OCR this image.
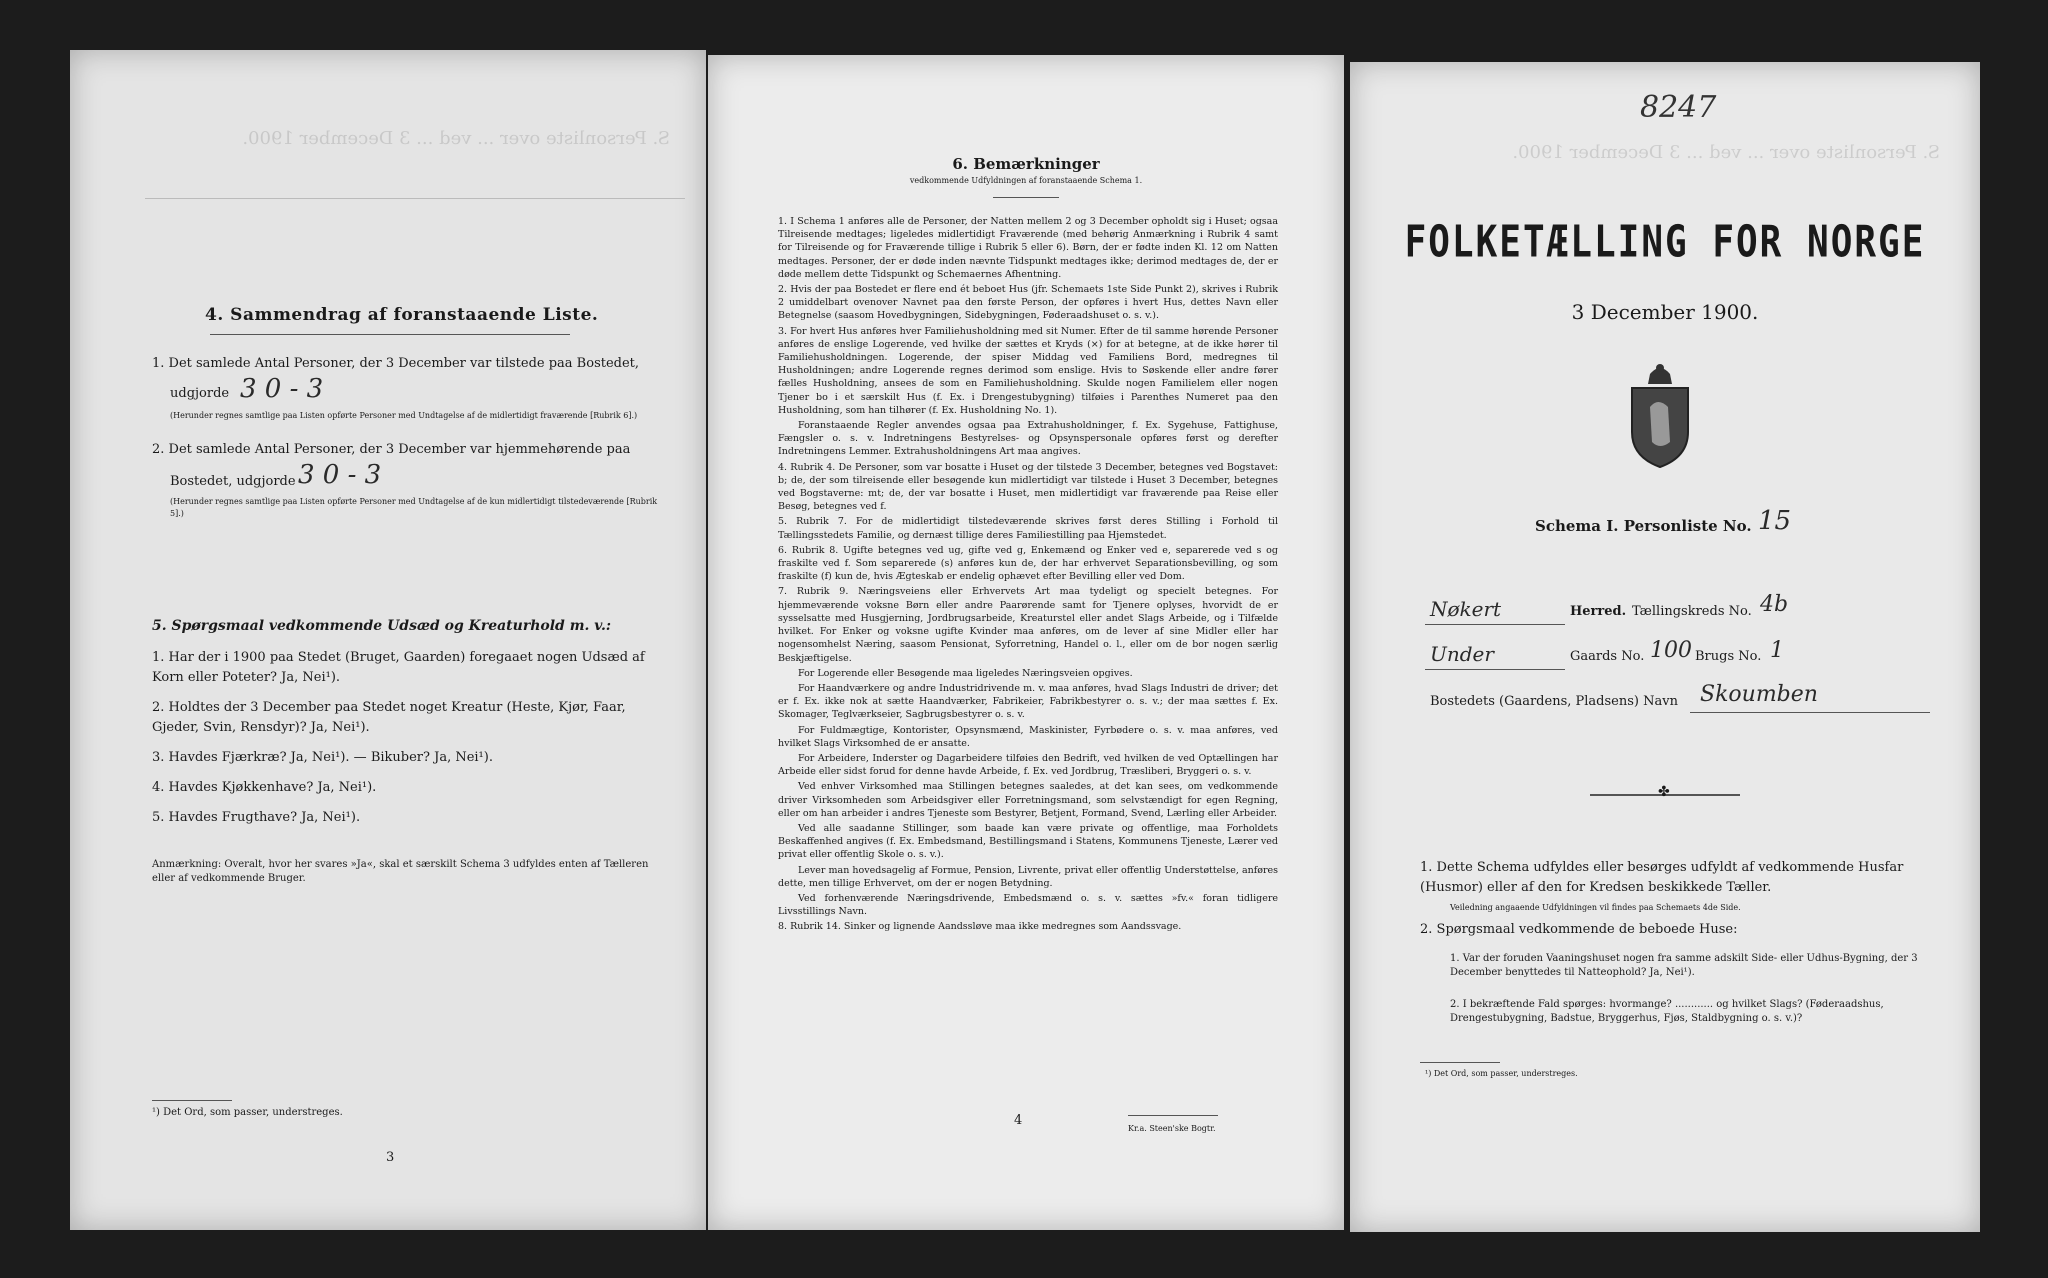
S. Personliste over ... ved ... 3 December 1900.
4. Sammendrag af foranstaaende Liste.
1. Det samlede Antal Personer, der 3 December var tilstede paa Bostedet,
udgjorde 3 0 - 3
(Herunder regnes samtlige paa Listen opførte Personer med Undtagelse af de midlertidigt fraværende [Rubrik 6].)
2. Det samlede Antal Personer, der 3 December var hjemmehørende paa
Bostedet, udgjorde 3 0 - 3
(Herunder regnes samtlige paa Listen opførte Personer med Undtagelse af de kun midlertidigt tilstedeværende [Rubrik 5].)
5. Spørgsmaal vedkommende Udsæd og Kreaturhold m. v.:
1. Har der i 1900 paa Stedet (Bruget, Gaarden) foregaaet nogen Udsæd af Korn eller Poteter? Ja, Nei¹).
2. Holdtes der 3 December paa Stedet noget Kreatur (Heste, Kjør, Faar, Gjeder, Svin, Rensdyr)? Ja, Nei¹).
3. Havdes Fjærkræ? Ja, Nei¹). — Bikuber? Ja, Nei¹).
4. Havdes Kjøkkenhave? Ja, Nei¹).
5. Havdes Frugthave? Ja, Nei¹).
Anmærkning: Overalt, hvor her svares »Ja«, skal et særskilt Schema 3 udfyldes enten af Tælleren eller af vedkommende Bruger.
¹) Det Ord, som passer, understreges.
3
6. Bemærkninger
vedkommende Udfyldningen af foranstaaende Schema 1.

1. I Schema 1 anføres alle de Personer, der Natten mellem 2 og 3 December opholdt sig i Huset; ogsaa Tilreisende medtages; ligeledes midlertidigt Fraværende (med behørig Anmærkning i Rubrik 4 samt for Tilreisende og for Fraværende tillige i Rubrik 5 eller 6). Børn, der er fødte inden Kl. 12 om Natten medtages. Personer, der er døde inden nævnte Tidspunkt medtages ikke; derimod medtages de, der er døde mellem dette Tidspunkt og Schemaernes Afhentning.

2. Hvis der paa Bostedet er flere end ét beboet Hus (jfr. Schemaets 1ste Side Punkt 2), skrives i Rubrik 2 umiddelbart ovenover Navnet paa den første Person, der opføres i hvert Hus, dettes Navn eller Betegnelse (saasom Hovedbygningen, Sidebygningen, Føderaadshuset o. s. v.).

3. For hvert Hus anføres hver Familiehusholdning med sit Numer. Efter de til samme hørende Personer anføres de enslige Logerende, ved hvilke der sættes et Kryds (×) for at betegne, at de ikke hører til Familiehusholdningen. Logerende, der spiser Middag ved Familiens Bord, medregnes til Husholdningen; andre Logerende regnes derimod som enslige. Hvis to Søskende eller andre fører fælles Husholdning, ansees de som en Familiehusholdning. Skulde nogen Familielem eller nogen Tjener bo i et særskilt Hus (f. Ex. i Drengestubygning) tilføies i Parenthes Numeret paa den Husholdning, som han tilhører (f. Ex. Husholdning No. 1).

Foranstaaende Regler anvendes ogsaa paa Extrahusholdninger, f. Ex. Sygehuse, Fattighuse, Fængsler o. s. v. Indretningens Bestyrelses- og Opsynspersonale opføres først og derefter Indretningens Lemmer. Extrahusholdningens Art maa angives.

4. Rubrik 4. De Personer, som var bosatte i Huset og der tilstede 3 December, betegnes ved Bogstavet: b; de, der som tilreisende eller besøgende kun midlertidigt var tilstede i Huset 3 December, betegnes ved Bogstaverne: mt; de, der var bosatte i Huset, men midlertidigt var fraværende paa Reise eller Besøg, betegnes ved f.

5. Rubrik 7. For de midlertidigt tilstedeværende skrives først deres Stilling i Forhold til Tællingsstedets Familie, og dernæst tillige deres Familiestilling paa Hjemstedet.

6. Rubrik 8. Ugifte betegnes ved ug, gifte ved g, Enkemænd og Enker ved e, separerede ved s og fraskilte ved f. Som separerede (s) anføres kun de, der har erhvervet Separationsbevilling, og som fraskilte (f) kun de, hvis Ægteskab er endelig ophævet efter Bevilling eller ved Dom.

7. Rubrik 9. Næringsveiens eller Erhvervets Art maa tydeligt og specielt betegnes. For hjemmeværende voksne Børn eller andre Paarørende samt for Tjenere oplyses, hvorvidt de er sysselsatte med Husgjerning, Jordbrugsarbeide, Kreaturstel eller andet Slags Arbeide, og i Tilfælde hvilket. For Enker og voksne ugifte Kvinder maa anføres, om de lever af sine Midler eller har nogensomhelst Næring, saasom Pensionat, Syforretning, Handel o. l., eller om de bor nogen særlig Beskjæftigelse.

For Logerende eller Besøgende maa ligeledes Næringsveien opgives.

For Haandværkere og andre Industridrivende m. v. maa anføres, hvad Slags Industri de driver; det er f. Ex. ikke nok at sætte Haandværker, Fabrikeier, Fabrikbestyrer o. s. v.; der maa sættes f. Ex. Skomager, Teglværkseier, Sagbrugsbestyrer o. s. v.

For Fuldmægtige, Kontorister, Opsynsmænd, Maskinister, Fyrbødere o. s. v. maa anføres, ved hvilket Slags Virksomhed de er ansatte.

For Arbeidere, Inderster og Dagarbeidere tilføies den Bedrift, ved hvilken de ved Optællingen har Arbeide eller sidst forud for denne havde Arbeide, f. Ex. ved Jordbrug, Træsliberi, Bryggeri o. s. v.

Ved enhver Virksomhed maa Stillingen betegnes saaledes, at det kan sees, om vedkommende driver Virksomheden som Arbeidsgiver eller Forretningsmand, som selvstændigt for egen Regning, eller om han arbeider i andres Tjeneste som Bestyrer, Betjent, Formand, Svend, Lærling eller Arbeider.

Ved alle saadanne Stillinger, som baade kan være private og offentlige, maa Forholdets Beskaffenhed angives (f. Ex. Embedsmand, Bestillingsmand i Statens, Kommunens Tjeneste, Lærer ved privat eller offentlig Skole o. s. v.).

Lever man hovedsagelig af Formue, Pension, Livrente, privat eller offentlig Understøttelse, anføres dette, men tillige Erhvervet, om der er nogen Betydning.

Ved forhenværende Næringsdrivende, Embedsmænd o. s. v. sættes »fv.« foran tidligere Livsstillings Navn.

8. Rubrik 14. Sinker og lignende Aandssløve maa ikke medregnes som Aandssvage.

4
Kr.a. Steen'ske Bogtr.
8247
S. Personliste over ... ved ... 3 December 1900.
FOLKETÆLLING FOR NORGE
3 December 1900.
Schema I. Personliste No. 15
Nøkert	Herred. Tællingskreds No. 4b
Under	Gaards No. 100 Brugs No. 1
Bostedets (Gaardens, Pladsens) Navn Skoumben
✤
1. Dette Schema udfyldes eller besørges udfyldt af vedkommende Husfar (Husmor) eller af den for Kredsen beskikkede Tæller.
Veiledning angaaende Udfyldningen vil findes paa Schemaets 4de Side.
2. Spørgsmaal vedkommende de beboede Huse:
1. Var der foruden Vaaningshuset nogen fra samme adskilt Side- eller Udhus-Bygning, der 3 December benyttedes til Natteophold? Ja, Nei¹).
2. I bekræftende Fald spørges: hvormange? ............ og hvilket Slags? (Føderaadshus, Drengestubygning, Badstue, Bryggerhus, Fjøs, Staldbygning o. s. v.)?
¹) Det Ord, som passer, understreges.
